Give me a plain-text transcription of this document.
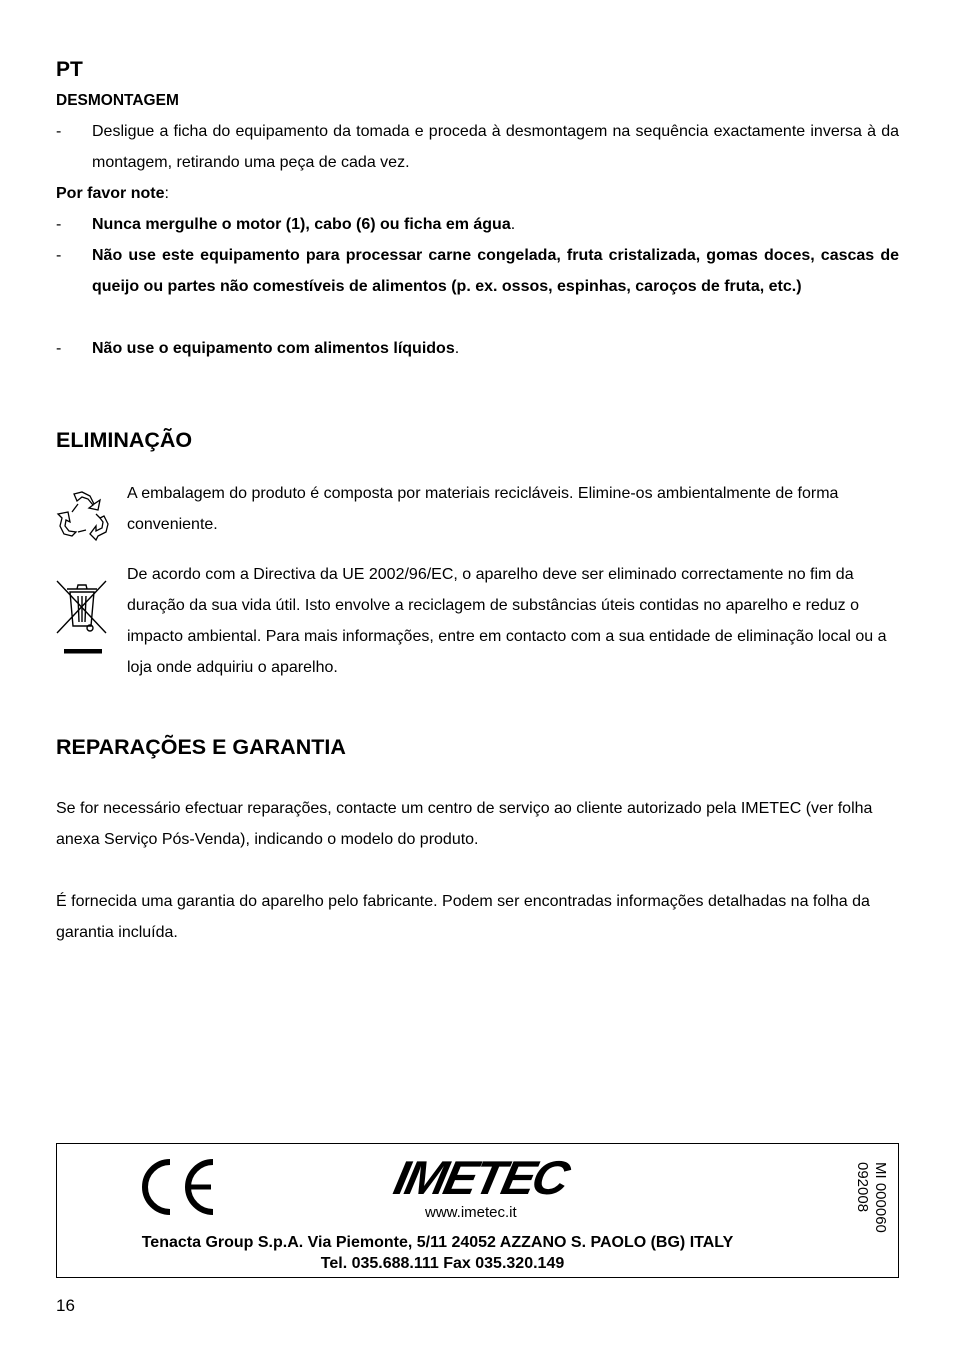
PT
DESMONTAGEM
- Desligue a ficha do equipamento da tomada e proceda à desmontagem na sequência exactamente inversa à da montagem, retirando uma peça de cada vez.
Por favor note:
- Nunca mergulhe o motor (1), cabo (6) ou ficha em água.
- Não use este equipamento para processar carne congelada, fruta cristalizada, gomas doces, cascas de queijo ou partes não comestíveis de alimentos (p. ex. ossos, espinhas, caroços de fruta, etc.)
- Não use o equipamento com alimentos líquidos.
ELIMINAÇÃO
A embalagem do produto é composta por materiais recicláveis. Elimine-os ambientalmente de forma conveniente.
De acordo com a Directiva da UE 2002/96/EC, o aparelho deve ser eliminado correctamente no fim da duração da sua vida útil. Isto envolve a reciclagem de substâncias úteis contidas no aparelho e reduz o impacto ambiental. Para mais informações, entre em contacto com a sua entidade de eliminação local ou a loja onde adquiriu o aparelho.
REPARAÇÕES E GARANTIA
Se for necessário efectuar reparações, contacte um centro de serviço ao cliente autorizado pela IMETEC (ver folha anexa Serviço Pós-Venda), indicando o modelo do produto.
É fornecida uma garantia do aparelho pelo fabricante. Podem ser encontradas informações detalhadas na folha da garantia incluída.
IMETEC
www.imetec.it
Tenacta Group S.p.A. Via Piemonte, 5/11 24052 AZZANO S. PAOLO (BG) ITALY
Tel. 035.688.111 Fax 035.320.149
MI 000060
092008
16
